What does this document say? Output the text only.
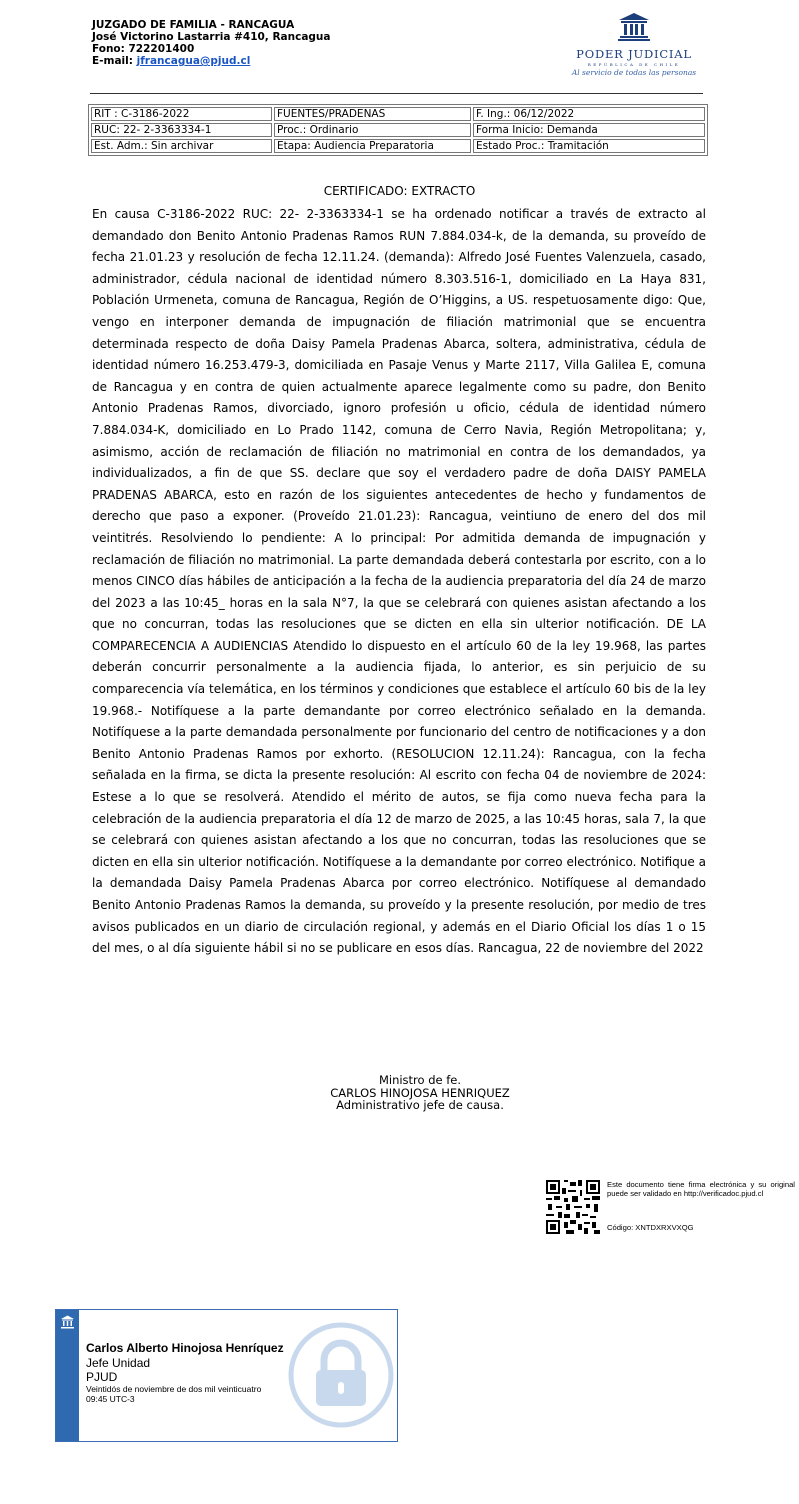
JUZGADO DE FAMILIA - RANCAGUA
José Victorino Lastarria #410, Rancagua
Fono: 722201400
E-mail: jfrancagua@pjud.cl	PODER JUDICIAL
REPÚBLICA DE CHILE
Al servicio de todas las personas
RIT : C-3186-2022	FUENTES/PRADENAS	F. Ing.: 06/12/2022
RUC: 22- 2-3363334-1	Proc.: Ordinario	Forma Inicio: Demanda
Est. Adm.: Sin archivar	Etapa: Audiencia Preparatoria	Estado Proc.: Tramitación
CERTIFICADO: EXTRACTO
En causa C-3186-2022 RUC: 22- 2-3363334-1 se ha ordenado notificar a través de extracto al demandado don Benito Antonio Pradenas Ramos RUN 7.884.034-k, de la demanda, su proveído de fecha 21.01.23 y resolución de fecha 12.11.24. (demanda): Alfredo José Fuentes Valenzuela, casado, administrador, cédula nacional de identidad número 8.303.516-1, domiciliado en La Haya 831, Población Urmeneta, comuna de Rancagua, Región de O’Higgins, a US. respetuosamente digo: Que, vengo en interponer demanda de impugnación de filiación matrimonial que se encuentra determinada respecto de doña Daisy Pamela Pradenas Abarca, soltera, administrativa, cédula de identidad número 16.253.479-3, domiciliada en Pasaje Venus y Marte 2117, Villa Galilea E, comuna de Rancagua y en contra de quien actualmente aparece legalmente como su padre, don Benito Antonio Pradenas Ramos, divorciado, ignoro profesión u oficio, cédula de identidad número 7.884.034-K, domiciliado en Lo Prado 1142, comuna de Cerro Navia, Región Metropolitana; y, asimismo, acción de reclamación de filiación no matrimonial en contra de los demandados, ya individualizados, a fin de que SS. declare que soy el verdadero padre de doña DAISY PAMELA PRADENAS ABARCA, esto en razón de los siguientes antecedentes de hecho y fundamentos de derecho que paso a exponer. (Proveído 21.01.23): Rancagua, veintiuno de enero del dos mil veintitrés. Resolviendo lo pendiente: A lo principal: Por admitida demanda de impugnación y reclamación de filiación no matrimonial. La parte demandada deberá contestarla por escrito, con a lo menos CINCO días hábiles de anticipación a la fecha de la audiencia preparatoria del día 24 de marzo del 2023 a las 10:45_ horas en la sala N°7, la que se celebrará con quienes asistan afectando a los que no concurran, todas las resoluciones que se dicten en ella sin ulterior notificación. DE LA COMPARECENCIA A AUDIENCIAS Atendido lo dispuesto en el artículo 60 de la ley 19.968, las partes deberán concurrir personalmente a la audiencia fijada, lo anterior, es sin perjuicio de su comparecencia vía telemática, en los términos y condiciones que establece el artículo 60 bis de la ley 19.968.- Notifíquese a la parte demandante por correo electrónico señalado en la demanda. Notifíquese a la parte demandada personalmente por funcionario del centro de notificaciones y a don Benito Antonio Pradenas Ramos por exhorto. (RESOLUCION 12.11.24): Rancagua, con la fecha señalada en la firma, se dicta la presente resolución: Al escrito con fecha 04 de noviembre de 2024: Estese a lo que se resolverá. Atendido el mérito de autos, se fija como nueva fecha para la celebración de la audiencia preparatoria el día 12 de marzo de 2025, a las 10:45 horas, sala 7, la que se celebrará con quienes asistan afectando a los que no concurran, todas las resoluciones que se dicten en ella sin ulterior notificación. Notifíquese a la demandante por correo electrónico. Notifique a la demandada Daisy Pamela Pradenas Abarca por correo electrónico. Notifíquese al demandado Benito Antonio Pradenas Ramos la demanda, su proveído y la presente resolución, por medio de tres avisos publicados en un diario de circulación regional, y además en el Diario Oficial los días 1 o 15 del mes, o al día siguiente hábil si no se publicare en esos días. Rancagua, 22 de noviembre del 2022
Ministro de fe.
CARLOS HINOJOSA HENRIQUEZ
Administrativo jefe de causa.
Este documento tiene firma electrónica y su original puede ser validado en http://verificadoc.pjud.cl
Código: XNTDXRXVXQG
Carlos Alberto Hinojosa Henríquez
Jefe Unidad
PJUD
Veintidós de noviembre de dos mil veinticuatro
09:45 UTC-3
